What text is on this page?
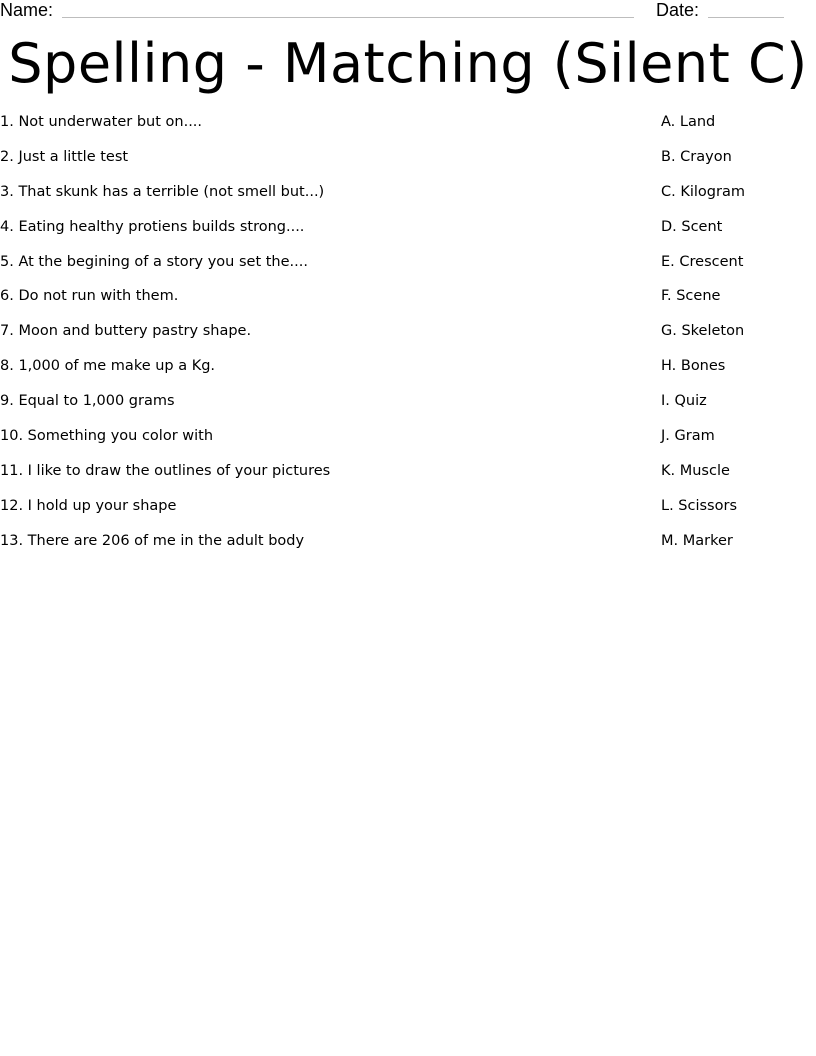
Name:	Date:
Spelling - Matching (Silent C)
1. Not underwater but on....	A. Land
2. Just a little test	B. Crayon
3. That skunk has a terrible (not smell but...)	C. Kilogram
4. Eating healthy protiens builds strong....	D. Scent
5. At the begining of a story you set the....	E. Crescent
6. Do not run with them.	F. Scene
7. Moon and buttery pastry shape.	G. Skeleton
8. 1,000 of me make up a Kg.	H. Bones
9. Equal to 1,000 grams	I. Quiz
10. Something you color with	J. Gram
11. I like to draw the outlines of your pictures	K. Muscle
12. I hold up your shape	L. Scissors
13. There are 206 of me in the adult body	M. Marker
